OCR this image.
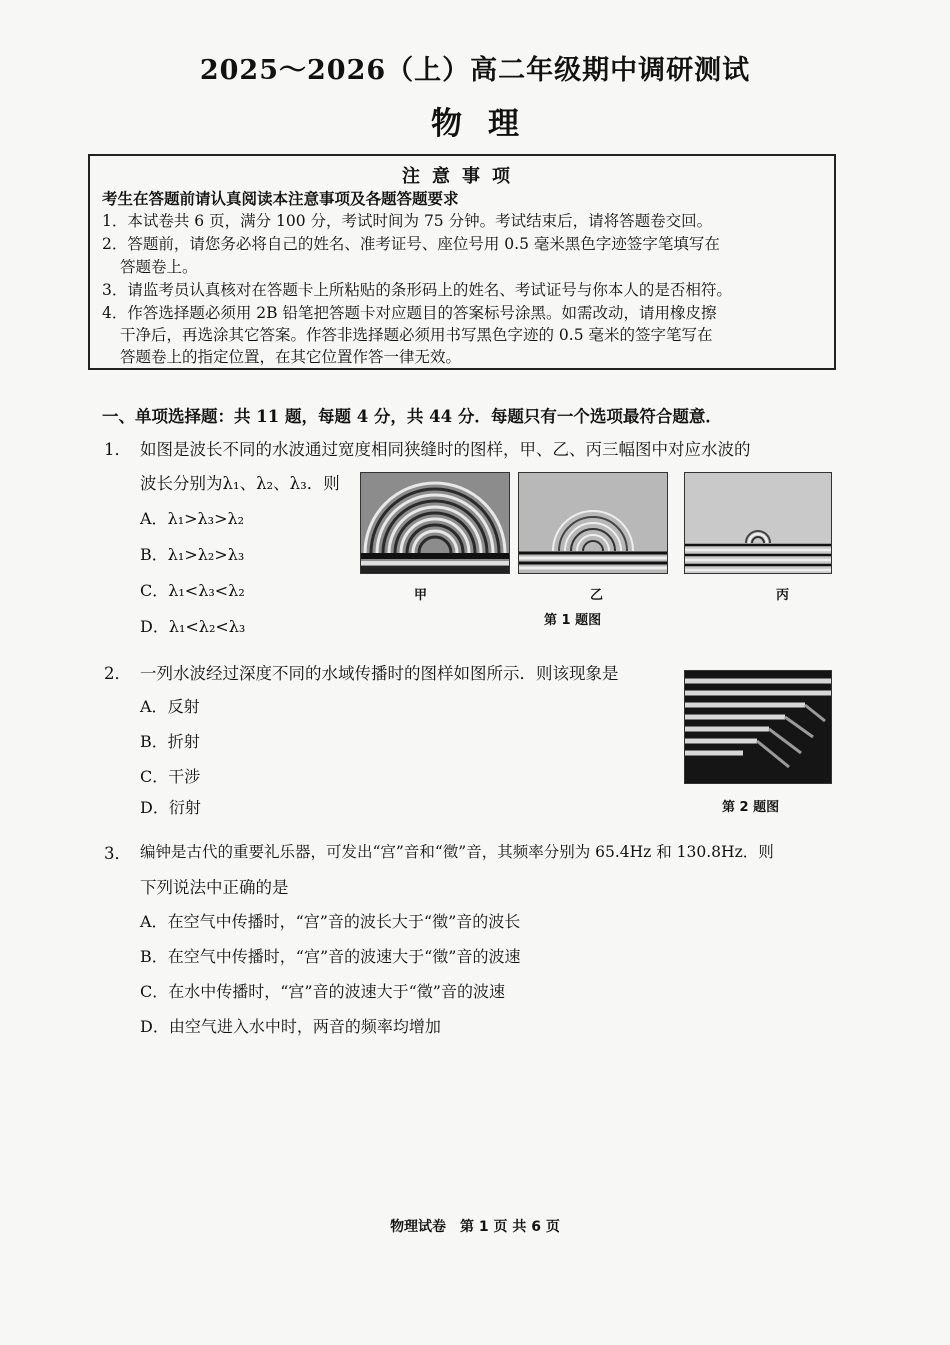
2025～2026（上）高二年级期中调研测试
物理
注意事项
考生在答题前请认真阅读本注意事项及各题答题要求
1．本试卷共 6 页，满分 100 分，考试时间为 75 分钟。考试结束后，请将答题卷交回。
2．答题前，请您务必将自己的姓名、准考证号、座位号用 0.5 毫米黑色字迹签字笔填写在
答题卷上。
3．请监考员认真核对在答题卡上所粘贴的条形码上的姓名、考试证号与你本人的是否相符。
4．作答选择题必须用 2B 铅笔把答题卡对应题目的答案标号涂黑。如需改动，请用橡皮擦
干净后，再选涂其它答案。作答非选择题必须用书写黑色字迹的 0.5 毫米的签字笔写在
答题卷上的指定位置，在其它位置作答一律无效。
一、单项选择题：共 11 题，每题 4 分，共 44 分．每题只有一个选项最符合题意．
1． 如图是波长不同的水波通过宽度相同狭缝时的图样，甲、乙、丙三幅图中对应水波的
波长分别为λ₁、λ₂、λ₃．则
A．λ₁>λ₃>λ₂
B．λ₁>λ₂>λ₃
C．λ₁<λ₃<λ₂
D．λ₁<λ₂<λ₃
甲	乙	丙
第 1 题图
2． 一列水波经过深度不同的水域传播时的图样如图所示．则该现象是
A．反射
B．折射
C．干涉
D．衍射	第 2 题图
3． 编钟是古代的重要礼乐器，可发出“宫”音和“徵”音，其频率分别为 65.4Hz 和 130.8Hz．则
下列说法中正确的是
A．在空气中传播时，“宫”音的波长大于“徵”音的波长
B．在空气中传播时，“宫”音的波速大于“徵”音的波速
C．在水中传播时，“宫”音的波速大于“徵”音的波速
D．由空气进入水中时，两音的频率均增加
物理试卷　第 1 页 共 6 页
